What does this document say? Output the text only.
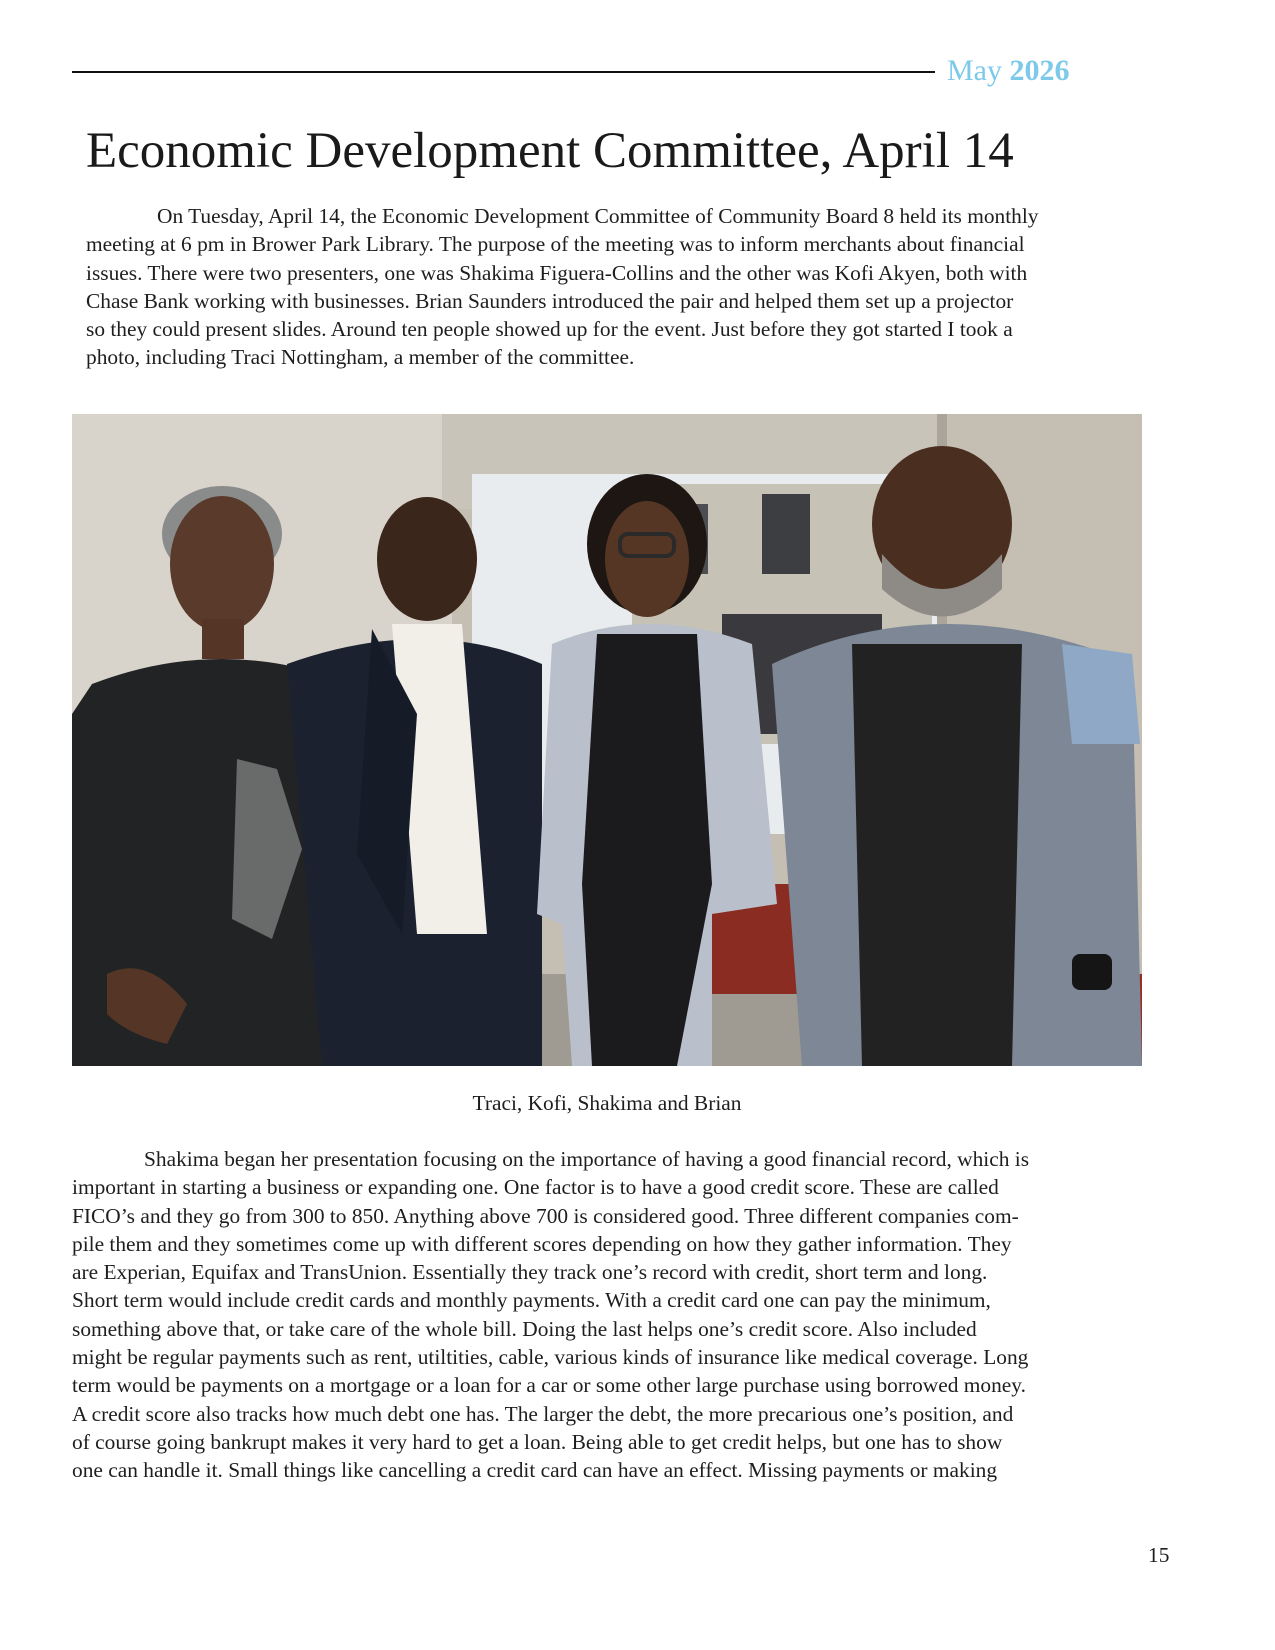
May 2026
Economic Development Committee, April 14

On Tuesday, April 14, the Economic Development Committee of Community Board 8 held its monthly
meeting at 6 pm in Brower Park Library. The purpose of the meeting was to inform merchants about financial
issues. There were two presenters, one was Shakima Figuera-Collins and the other was Kofi Akyen, both with
Chase Bank working with businesses. Brian Saunders introduced the pair and helped them set up a projector
so they could present slides. Around ten people showed up for the event. Just before they got started I took a
photo, including Traci Nottingham, a member of the committee.

Traci, Kofi, Shakima and Brian

Shakima began her presentation focusing on the importance of having a good financial record, which is
important in starting a business or expanding one. One factor is to have a good credit score. These are called
FICO’s and they go from 300 to 850. Anything above 700 is considered good. Three different companies com-
pile them and they sometimes come up with different scores depending on how they gather information. They
are Experian, Equifax and TransUnion. Essentially they track one’s record with credit, short term and long.
Short term would include credit cards and monthly payments. With a credit card one can pay the minimum,
something above that, or take care of the whole bill. Doing the last helps one’s credit score. Also included
might be regular payments such as rent, utiltities, cable, various kinds of insurance like medical coverage. Long
term would be payments on a mortgage or a loan for a car or some other large purchase using borrowed money.
A credit score also tracks how much debt one has. The larger the debt, the more precarious one’s position, and
of course going bankrupt makes it very hard to get a loan. Being able to get credit helps, but one has to show
one can handle it. Small things like cancelling a credit card can have an effect. Missing payments or making

15
